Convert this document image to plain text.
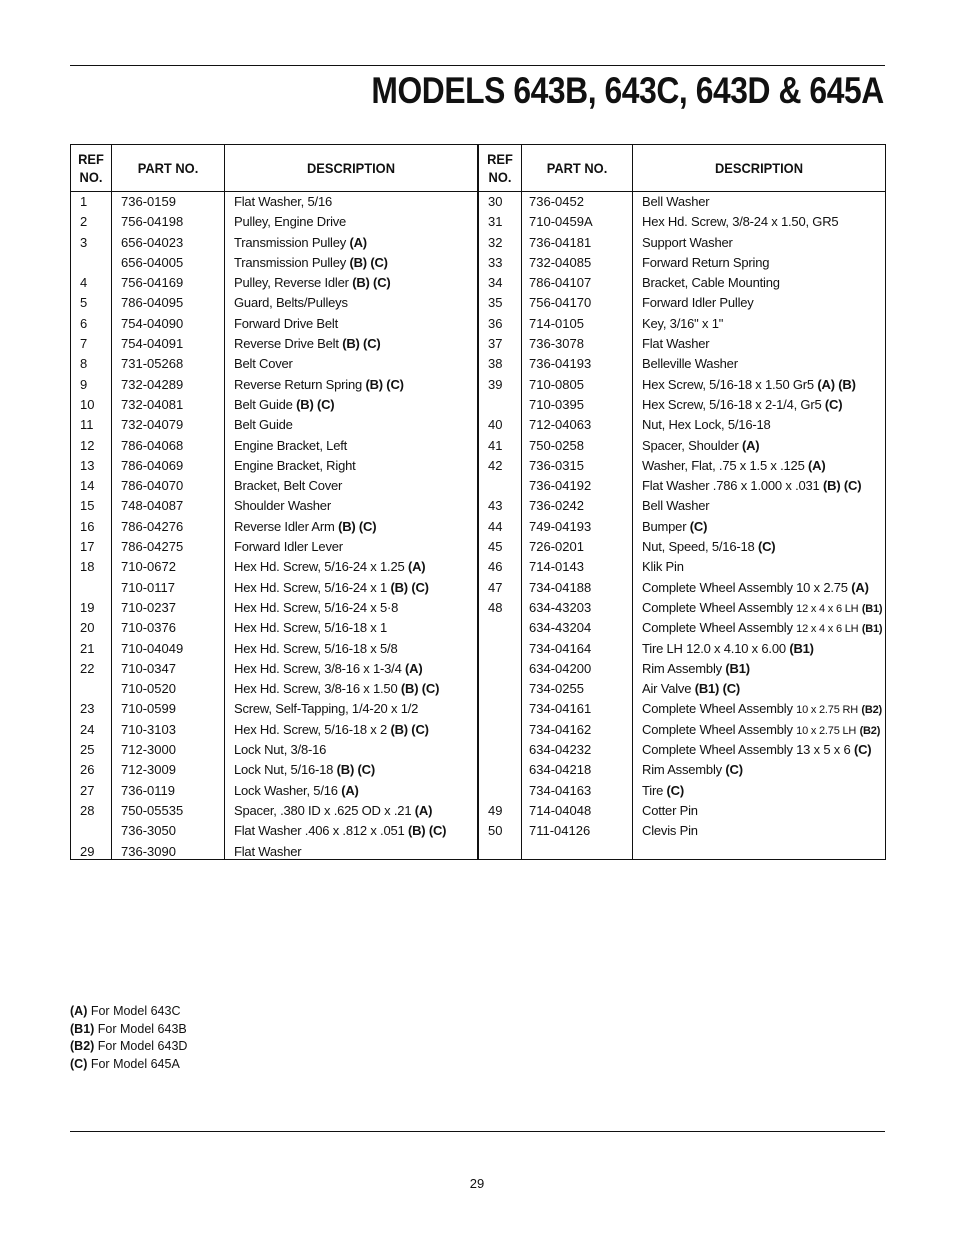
MODELS 643B, 643C, 643D & 645A
REF NO.
PART NO.	DESCRIPTION
1	736-0159	Flat Washer, 5/16
2	756-04198	Pulley, Engine Drive
3	656-04023	Transmission Pulley (A)
656-04005	Transmission Pulley (B) (C)
4	756-04169	Pulley, Reverse Idler (B) (C)
5	786-04095	Guard, Belts/Pulleys
6	754-04090	Forward Drive Belt
7	754-04091	Reverse Drive Belt (B) (C)
8	731-05268	Belt Cover
9	732-04289	Reverse Return Spring (B) (C)
10 732-04081	Belt Guide (B) (C)
11 732-04079	Belt Guide
12 786-04068	Engine Bracket, Left
13 786-04069	Engine Bracket, Right
14 786-04070	Bracket, Belt Cover
15 748-04087	Shoulder Washer
16 786-04276	Reverse Idler Arm (B) (C)
17 786-04275	Forward Idler Lever
18 710-0672	Hex Hd. Screw, 5/16-24 x 1.25 (A)
710-0117	Hex Hd. Screw, 5/16-24 x 1 (B) (C)
19 710-0237	Hex Hd. Screw, 5/16-24 x 5·8
20 710-0376	Hex Hd. Screw, 5/16-18 x 1
21 710-04049	Hex Hd. Screw, 5/16-18 x 5/8
22 710-0347	Hex Hd. Screw, 3/8-16 x 1-3/4 (A)
710-0520	Hex Hd. Screw, 3/8-16 x 1.50 (B) (C)
23 710-0599	Screw, Self-Tapping, 1/4-20 x 1/2
24 710-3103	Hex Hd. Screw, 5/16-18 x 2 (B) (C)
25 712-3000	Lock Nut, 3/8-16
26 712-3009	Lock Nut, 5/16-18 (B) (C)
27 736-0119	Lock Washer, 5/16 (A)
28 750-05535	Spacer, .380 ID x .625 OD x .21 (A)
736-3050	Flat Washer .406 x .812 x .051 (B) (C)
29 736-3090	Flat Washer
REF NO.
PART NO.	DESCRIPTION
30 736-0452	Bell Washer
31 710-0459A	Hex Hd. Screw, 3/8-24 x 1.50, GR5
32 736-04181	Support Washer
33 732-04085	Forward Return Spring
34 786-04107	Bracket, Cable Mounting
35 756-04170	Forward Idler Pulley
36 714-0105	Key, 3/16" x 1"
37 736-3078	Flat Washer
38 736-04193	Belleville Washer
39 710-0805	Hex Screw, 5/16-18 x 1.50 Gr5 (A) (B)
710-0395	Hex Screw, 5/16-18 x 2-1/4, Gr5 (C)
40 712-04063	Nut, Hex Lock, 5/16-18
41 750-0258	Spacer, Shoulder (A)
42 736-0315	Washer, Flat, .75 x 1.5 x .125 (A)
736-04192	Flat Washer .786 x 1.000 x .031 (B) (C)
43 736-0242	Bell Washer
44 749-04193	Bumper (C)
45 726-0201	Nut, Speed, 5/16-18 (C)
46 714-0143	Klik Pin
47 734-04188	Complete Wheel Assembly 10 x 2.75 (A)
48 634-43203	Complete Wheel Assembly 12 x 4 x 6 LH (B1)
634-43204	Complete Wheel Assembly 12 x 4 x 6 LH (B1)
734-04164	Tire LH 12.0 x 4.10 x 6.00 (B1)
634-04200	Rim Assembly (B1)
734-0255	Air Valve (B1) (C)
734-04161	Complete Wheel Assembly 10 x 2.75 RH (B2)
734-04162	Complete Wheel Assembly 10 x 2.75 LH (B2)
634-04232	Complete Wheel Assembly 13 x 5 x 6 (C)
634-04218	Rim Assembly (C)
734-04163	Tire (C)
49 714-04048	Cotter Pin
50 711-04126	Clevis Pin
(A) For Model 643C
(B1) For Model 643B
(B2) For Model 643D
(C) For Model 645A
29
